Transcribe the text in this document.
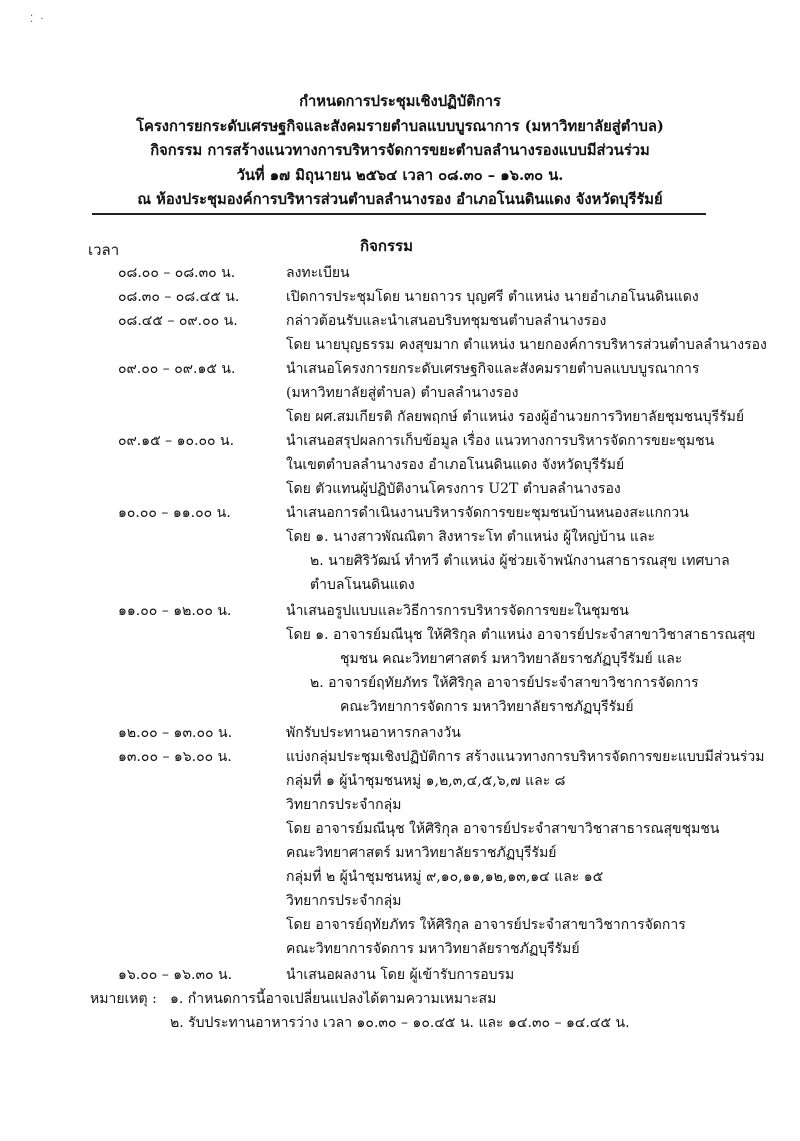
⁚ ·
กำหนดการประชุมเชิงปฏิบัติการ
โครงการยกระดับเศรษฐกิจและสังคมรายตำบลแบบบูรณาการ (มหาวิทยาลัยสู่ตำบล)
กิจกรรม การสร้างแนวทางการบริหารจัดการขยะตำบลลำนางรองแบบมีส่วนร่วม
วันที่ ๑๗ มิถุนายน ๒๕๖๔ เวลา ๐๘.๓๐ – ๑๖.๓๐ น.
ณ ห้องประชุมองค์การบริหารส่วนตำบลลำนางรอง อำเภอโนนดินแดง จังหวัดบุรีรัมย์
เวลา	กิจกรรม
๐๘.๐๐ – ๐๘.๓๐ น.	ลงทะเบียน
๐๘.๓๐ – ๐๘.๔๕ น.	เปิดการประชุมโดย นายถาวร บุญศรี ตำแหน่ง นายอำเภอโนนดินแดง
๐๘.๔๕ – ๐๙.๐๐ น.	กล่าวต้อนรับและนำเสนอบริบทชุมชนตำบลลำนางรอง
โดย นายบุญธรรม คงสุขมาก ตำแหน่ง นายกองค์การบริหารส่วนตำบลลำนางรอง
๐๙.๐๐ – ๐๙.๑๕ น.	นำเสนอโครงการยกระดับเศรษฐกิจและสังคมรายตำบลแบบบูรณาการ
(มหาวิทยาลัยสู่ตำบล) ตำบลลำนางรอง
โดย ผศ.สมเกียรติ กัลยพฤกษ์ ตำแหน่ง รองผู้อำนวยการวิทยาลัยชุมชนบุรีรัมย์
๐๙.๑๕ – ๑๐.๐๐ น.	นำเสนอสรุปผลการเก็บข้อมูล เรื่อง แนวทางการบริหารจัดการขยะชุมชน
ในเขตตำบลลำนางรอง อำเภอโนนดินแดง จังหวัดบุรีรัมย์
โดย ตัวแทนผู้ปฏิบัติงานโครงการ U2T ตำบลลำนางรอง
๑๐.๐๐ – ๑๑.๐๐ น.	นำเสนอการดำเนินงานบริหารจัดการขยะชุมชนบ้านหนองสะแกกวน
โดย ๑. นางสาวพัณณิตา สิงหาระโท ตำแหน่ง ผู้ใหญ่บ้าน และ
๒. นายศิริวัฒน์ ทำทวี ตำแหน่ง ผู้ช่วยเจ้าพนักงานสาธารณสุข เทศบาล
ตำบลโนนดินแดง
๑๑.๐๐ – ๑๒.๐๐ น.	นำเสนอรูปแบบและวิธีการการบริหารจัดการขยะในชุมชน
โดย ๑. อาจารย์มณีนุช ให้ศิริกุล ตำแหน่ง อาจารย์ประจำสาขาวิชาสาธารณสุข
ชุมชน คณะวิทยาศาสตร์ มหาวิทยาลัยราชภัฏบุรีรัมย์ และ
๒. อาจารย์ฤทัยภัทร ให้ศิริกุล อาจารย์ประจำสาขาวิชาการจัดการ
คณะวิทยาการจัดการ มหาวิทยาลัยราชภัฏบุรีรัมย์
๑๒.๐๐ – ๑๓.๐๐ น.	พักรับประทานอาหารกลางวัน
๑๓.๐๐ – ๑๖.๐๐ น.	แบ่งกลุ่มประชุมเชิงปฏิบัติการ สร้างแนวทางการบริหารจัดการขยะแบบมีส่วนร่วม
กลุ่มที่ ๑ ผู้นำชุมชนหมู่ ๑,๒,๓,๔,๕,๖,๗ และ ๘
วิทยากรประจำกลุ่ม
โดย อาจารย์มณีนุช ให้ศิริกุล อาจารย์ประจำสาขาวิชาสาธารณสุขชุมชน
คณะวิทยาศาสตร์ มหาวิทยาลัยราชภัฏบุรีรัมย์
กลุ่มที่ ๒ ผู้นำชุมชนหมู่ ๙,๑๐,๑๑,๑๒,๑๓,๑๔ และ ๑๕
วิทยากรประจำกลุ่ม
โดย อาจารย์ฤทัยภัทร ให้ศิริกุล อาจารย์ประจำสาขาวิชาการจัดการ
คณะวิทยาการจัดการ มหาวิทยาลัยราชภัฏบุรีรัมย์
๑๖.๐๐ – ๑๖.๓๐ น.	นำเสนอผลงาน โดย ผู้เข้ารับการอบรม
หมายเหตุ : ๑. กำหนดการนี้อาจเปลี่ยนแปลงได้ตามความเหมาะสม
๒. รับประทานอาหารว่าง เวลา ๑๐.๓๐ – ๑๐.๔๕ น. และ ๑๔.๓๐ – ๑๔.๔๕ น.
